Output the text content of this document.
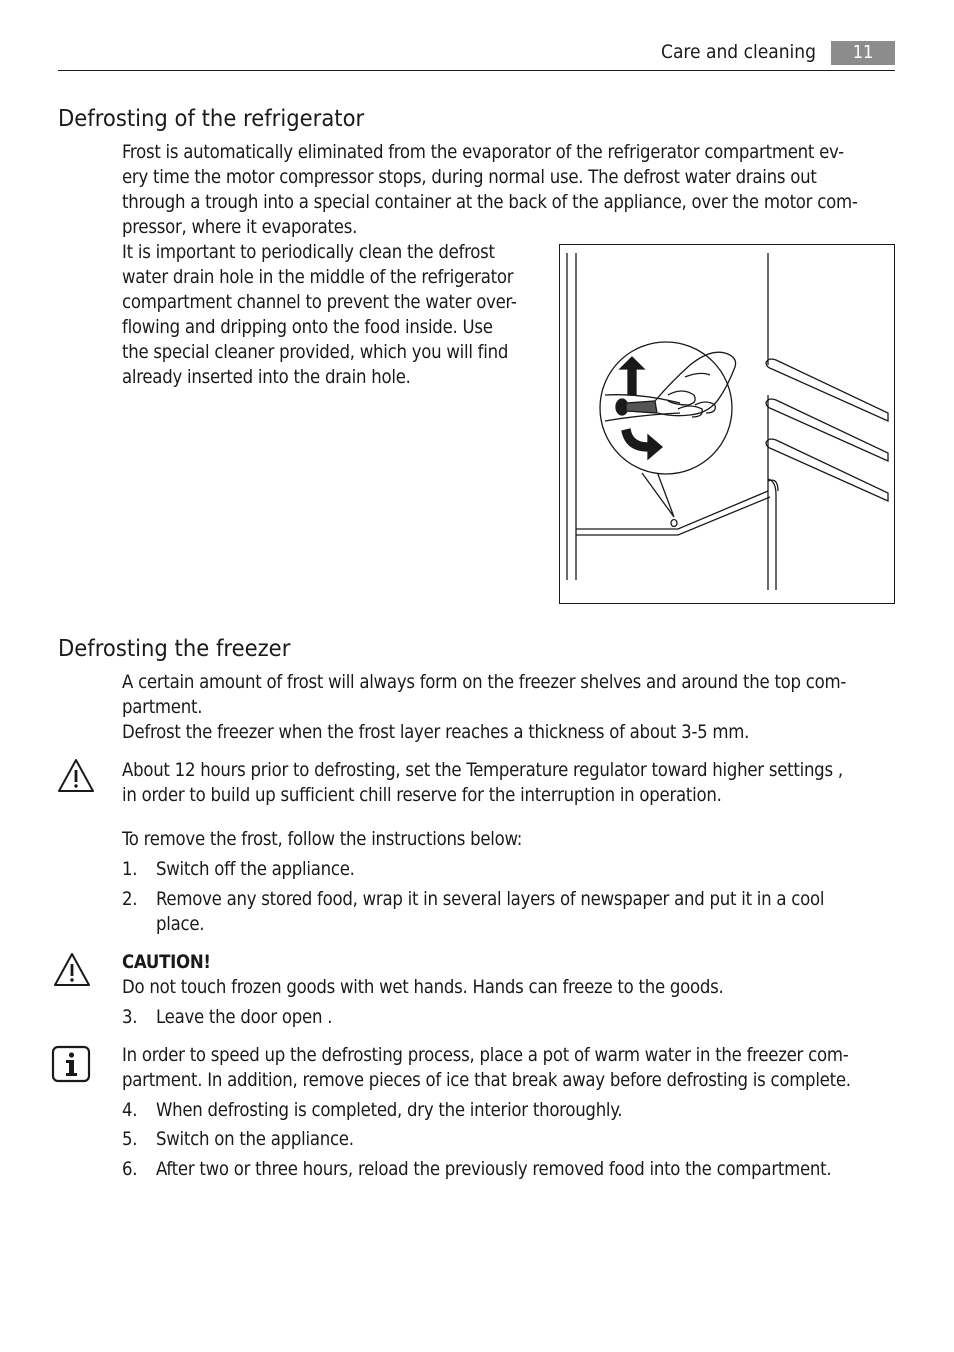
Care and cleaning	11
Defrosting of the refrigerator
Frost is automatically eliminated from the evaporator of the refrigerator compartment ev-
ery time the motor compressor stops, during normal use. The defrost water drains out
through a trough into a special container at the back of the appliance, over the motor com-
pressor, where it evaporates.
It is important to periodically clean the defrost
water drain hole in the middle of the refrigerator
compartment channel to prevent the water over-
flowing and dripping onto the food inside. Use
the special cleaner provided, which you will find
already inserted into the drain hole.
Defrosting the freezer
A certain amount of frost will always form on the freezer shelves and around the top com-
partment.
Defrost the freezer when the frost layer reaches a thickness of about 3-5 mm.
About 12 hours prior to defrosting, set the Temperature regulator toward higher settings ,
in order to build up sufficient chill reserve for the interruption in operation.
To remove the frost, follow the instructions below:
1.	Switch off the appliance.
2.	Remove any stored food, wrap it in several layers of newspaper and put it in a cool
place.
CAUTION!
Do not touch frozen goods with wet hands. Hands can freeze to the goods.
3.	Leave the door open .
In order to speed up the defrosting process, place a pot of warm water in the freezer com-
partment. In addition, remove pieces of ice that break away before defrosting is complete.
4.	When defrosting is completed, dry the interior thoroughly.
5.	Switch on the appliance.
6.	After two or three hours, reload the previously removed food into the compartment.
